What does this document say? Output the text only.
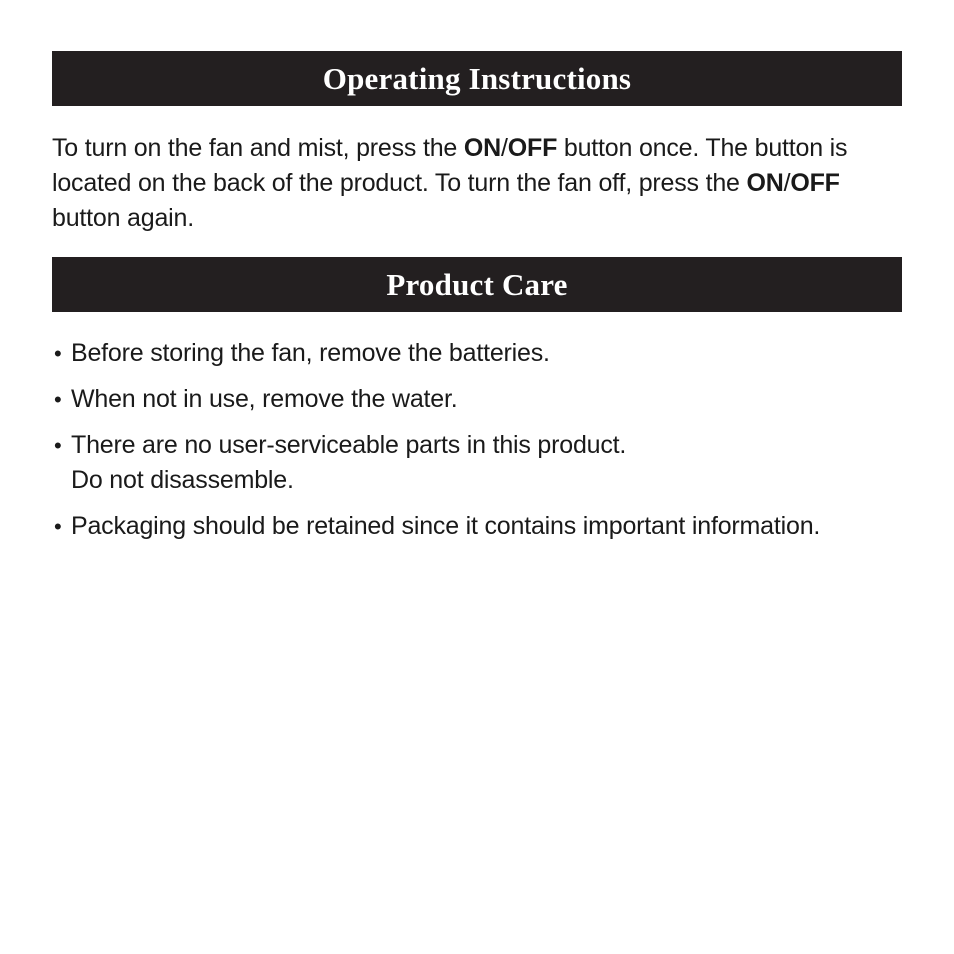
Operating Instructions

To turn on the fan and mist, press the ON/OFF button once. The button is located on the back of the product. To turn the fan off, press the ON/OFF button again.

Product Care
• Before storing the fan, remove the batteries.
• When not in use, remove the water.
• There are no user-serviceable parts in this product.
Do not disassemble.
• Packaging should be retained since it contains important information.
